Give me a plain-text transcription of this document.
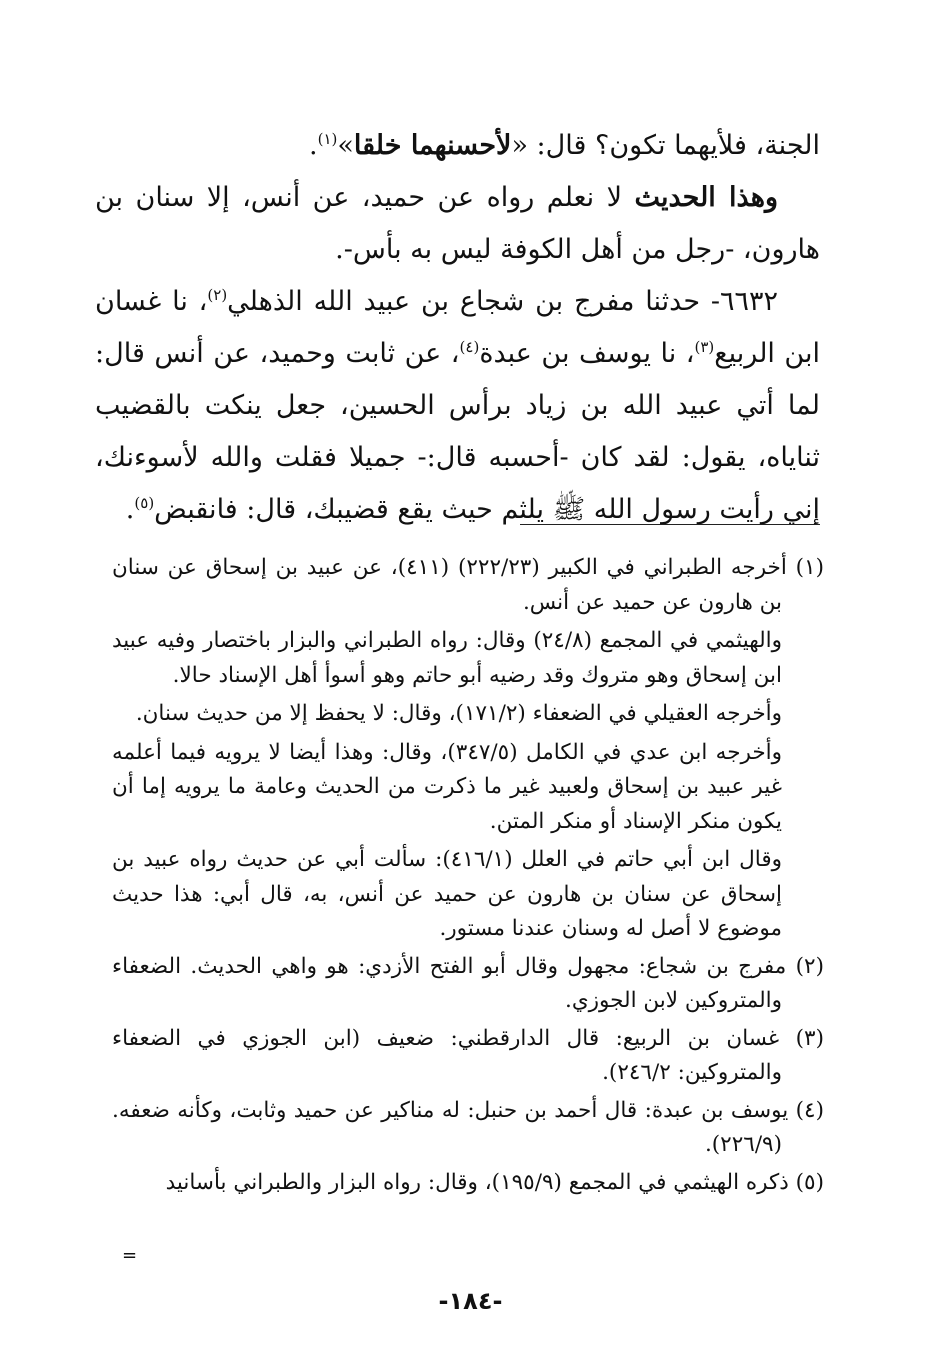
الجنة، فلأيهما تكون؟ قال: «لأحسنهما خلقا»$^{(١)}$.

وهذا الحديث لا نعلم رواه عن حميد، عن أنس، إلا سنان بن هارون، -رجل من أهل الكوفة ليس به بأس-.

٦٦٣٢- حدثنا مفرج بن شجاع بن عبيد الله الذهلي$^{(٢)}$، نا غسان ابن الربيع$^{(٣)}$، نا يوسف بن عبدة$^{(٤)}$، عن ثابت وحميد، عن أنس قال: لما أتي عبيد الله بن زياد برأس الحسين، جعل ينكت بالقضيب ثناياه، يقول: لقد كان -أحسبه قال:- جميلا فقلت والله لأسوءنك، إني رأيت رسول الله ﷺ يلثم حيث يقع قضيبك، قال: فانقبض$^{(٥)}$.

(١) أخرجه الطبراني في الكبير (٢٢٢/٢٣) (٤١١)، عن عبيد بن إسحاق عن سنان بن هارون عن حميد عن أنس.

والهيثمي في المجمع (٢٤/٨) وقال: رواه الطبراني والبزار باختصار وفيه عبيد ابن إسحاق وهو متروك وقد رضيه أبو حاتم وهو أسوأ أهل الإسناد حالا.

وأخرجه العقيلي في الضعفاء (١٧١/٢)، وقال: لا يحفظ إلا من حديث سنان.

وأخرجه ابن عدي في الكامل (٣٤٧/٥)، وقال: وهذا أيضا لا يرويه فيما أعلمه غير عبيد بن إسحاق ولعبيد غير ما ذكرت من الحديث وعامة ما يرويه إما أن يكون منكر الإسناد أو منكر المتن.

وقال ابن أبي حاتم في العلل (٤١٦/١): سألت أبي عن حديث رواه عبيد بن إسحاق عن سنان بن هارون عن حميد عن أنس، به، قال أبي: هذا حديث موضوع لا أصل له وسنان عندنا مستور.

(٢) مفرج بن شجاع: مجهول وقال أبو الفتح الأزدي: هو واهي الحديث. الضعفاء والمتروكين لابن الجوزي.

(٣) غسان بن الربيع: قال الدارقطني: ضعيف (ابن الجوزي في الضعفاء والمتروكين: ٢٤٦/٢).

(٤) يوسف بن عبدة: قال أحمد بن حنبل: له مناكير عن حميد وثابت، وكأنه ضعفه. (٢٢٦/٩).

(٥) ذكره الهيثمي في المجمع (١٩٥/٩)، وقال: رواه البزار والطبراني بأسانيد

=
-١٨٤-
